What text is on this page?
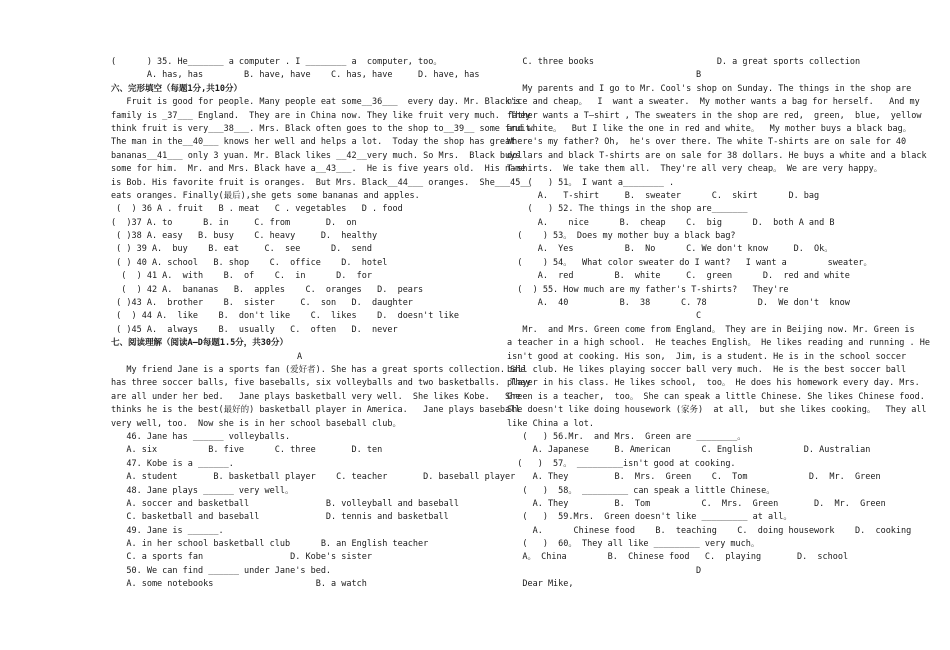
(      ) 35. He_______ a computer . I ________ a  computer, too。
A. has, has        B. have, have    C. has, have     D. have, has
六、完形填空（每题1分,共10分）
Fruit is good for people. Many people eat some__36___  every day. Mr. Black's
family is _37___ England.  They are in China now. They like fruit very much.  They
think fruit is very___38___. Mrs. Black often goes to the shop to__39__ some fruit.
The man in the__40___ knows her well and helps a lot.  Today the shop has great
bananas__41___ only 3 yuan. Mr. Black likes __42__very much. So Mrs.  Black buys
some for him.  Mr. and Mrs. Black have a__43___.  He is five years old.  His name
is Bob. His favorite fruit is oranges.  But Mrs. Black__44___ oranges.  She___45__
eats oranges. Finally(最后),she gets some bananas and apples.
(  ) 36 A . fruit   B . meat   C . vegetables   D . food
(  )37 A. to      B. in     C. from       D.  on
( )38 A. easy   B. busy    C. heavy     D.  healthy
( ) 39 A.  buy    B. eat     C.  see      D.  send
( ) 40 A. school   B. shop    C.  office    D.  hotel
(  ) 41 A.  with    B.  of    C.  in      D.  for
(  ) 42 A.  bananas   B.  apples    C.  oranges   D.  pears
( )43 A.  brother    B.  sister     C.  son   D.  daughter
(  ) 44 A.  like    B.  don't like    C.  likes    D.  doesn't like
( )45 A.  always    B.  usually   C.  often   D.  never
七、阅读理解（阅读A—D每题1.5分，共30分）
A
My friend Jane is a sports fan (爱好者). She has a great sports collection. She
has three soccer balls, five baseballs, six volleyballs and two basketballs.  They
are all under her bed.   Jane plays basketball very well.  She likes Kobe.   She
thinks he is the best(最好的) basketball player in America.   Jane plays baseball
very well, too.  Now she is in her school baseball club。
46. Jane has ______ volleyballs.
A. six          B. five      C. three       D. ten
47. Kobe is a ______.
A. student       B. basketball player    C. teacher       D. baseball player
48. Jane plays ______ very well。
A. soccer and basketball               B. volleyball and baseball
C. basketball and baseball             D. tennis and basketball
49. Jane is ______.
A. in her school basketball club      B. an English teacher
C. a sports fan                 D. Kobe's sister
50. We can find ______ under Jane's bed.
A. some notebooks                    B. a watch
C. three books                        D. a great sports collection
B
My parents and I go to Mr. Cool's shop on Sunday. The things in the shop are
nice and cheap。  I  want a sweater.  My mother wants a bag for herself.   And my
father wants a T—shirt , The sweaters in the shop are red,  green,  blue,  yellow
and white。  But I like the one in red and white。  My mother buys a black bag。
Where's my father? Oh,  he's over there. The white T-shirts are on sale for 40
dollars and black T-shirts are on sale for 38 dollars. He buys a white and a black
T-shirts.  We take them all.  They're all very cheap。 We are very happy。
(   ) 51。 I want a________ .
A.   T-shirt     B.  sweater      C.  skirt      D. bag
(   ) 52. The things in the shop are_______
A.    nice      B.  cheap    C.  big      D.  both A and B
(    ) 53。 Does my mother buy a black bag?
A.  Yes          B.  No      C. We don't know     D.  Ok。
(    ) 54。  What color sweater do I want?   I want a        sweater。
A.  red        B.  white     C.  green      D.  red and white
(  ) 55. How much are my father's T-shirts?   They're
A.  40          B.  38      C. 78          D.  We don't  know
C
Mr.  and Mrs. Green come from England。 They are in Beijing now. Mr. Green is
a teacher in a high school.  He teaches English。 He likes reading and running . He
isn't good at cooking. His son,  Jim, is a student. He is in the school soccer
ball club. He likes playing soccer ball very much.  He is the best soccer ball
player in his class. He likes school,  too。 He does his homework every day. Mrs.
Green is a teacher,  too。 She can speak a little Chinese. She likes Chinese food.
She doesn't like doing housework (家务)  at all,  but she likes cooking。  They all
like China a lot.
(   ) 56.Mr.  and Mrs.  Green are ________。
A. Japanese     B. American      C. English          D. Australian
(   )  57。 _________isn't good at cooking.
A. They         B.  Mrs.  Green    C.  Tom            D.  Mr.  Green
(   )  58。 _________ can speak a little Chinese。
A. They         B.  Tom          C.  Mrs.  Green       D.  Mr.  Green
(   )  59.Mrs.  Green doesn't like _________ at all。
A.      Chinese food    B.  teaching    C.  doing housework    D.  cooking
(   )  60。 They all like _________ very much。
A。 China        B.  Chinese food   C.  playing       D.  school
D
Dear Mike,
